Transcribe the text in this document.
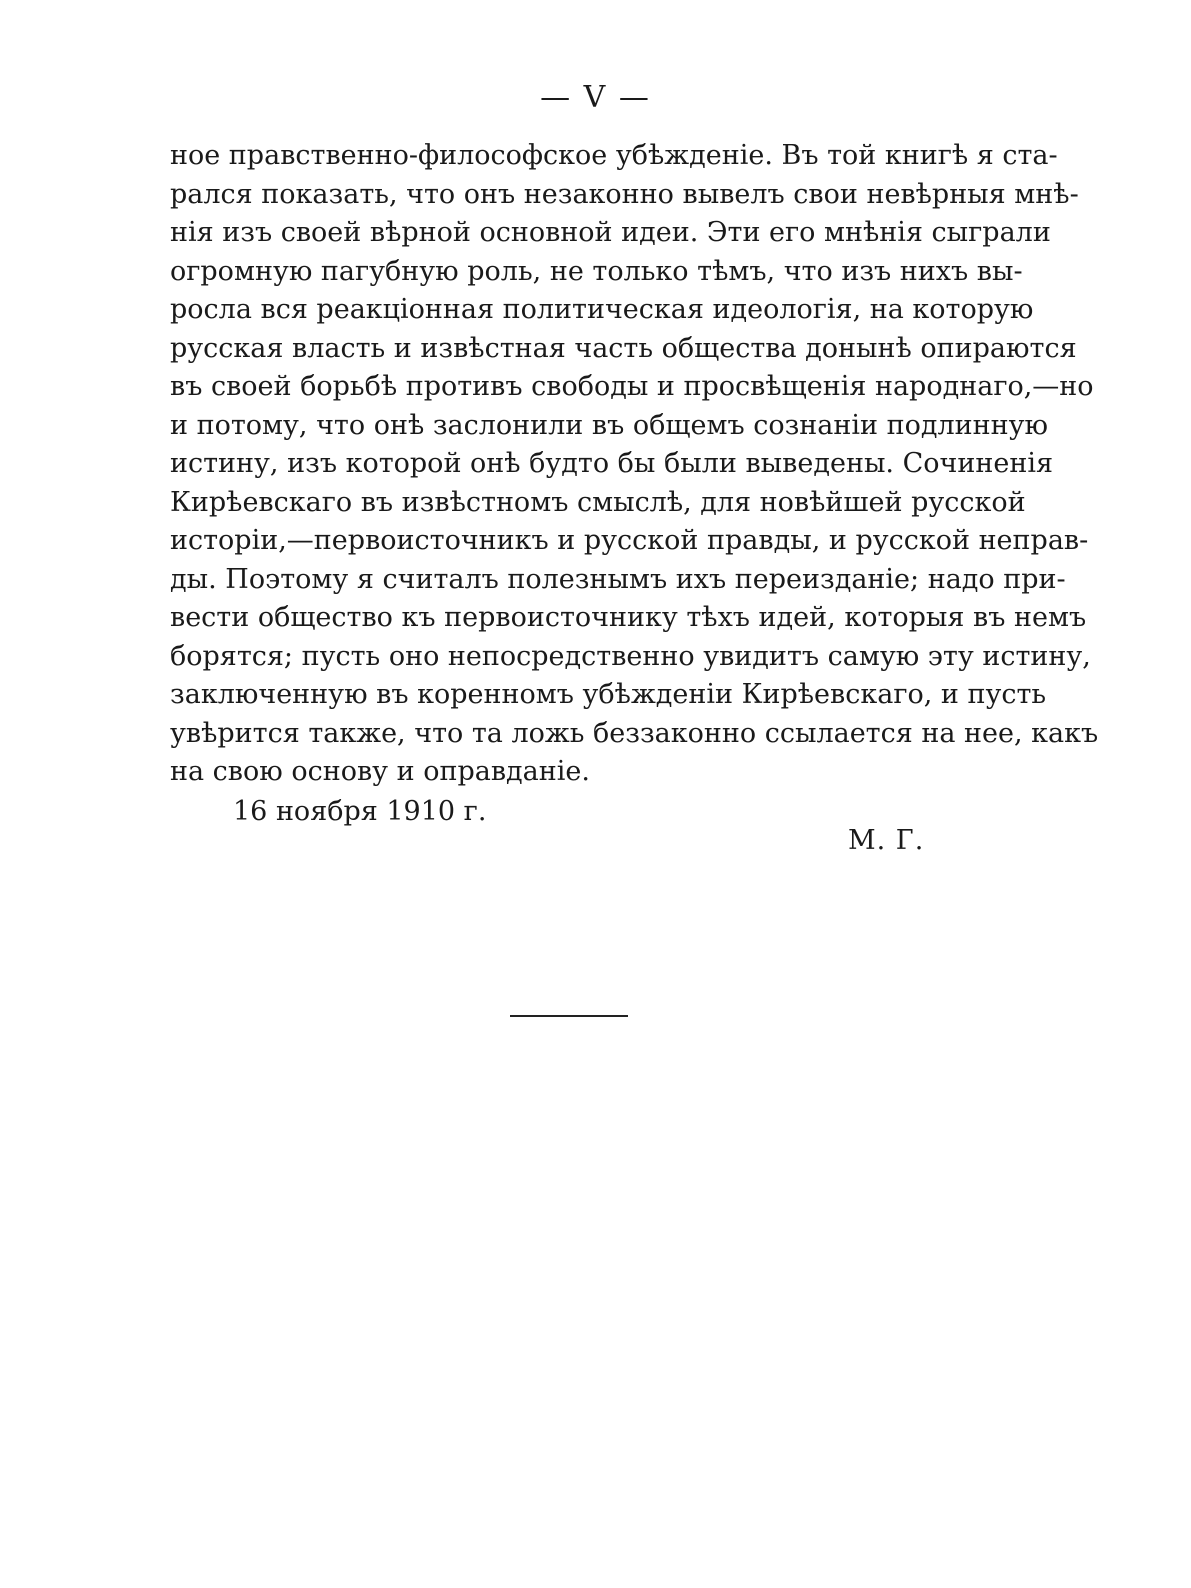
— V —
ное правственно-философское убѣжденіе. Въ той книгѣ я ста-
рался показать, что онъ незаконно вывелъ свои невѣрныя мнѣ-
нія изъ своей вѣрной основной идеи. Эти его мнѣнія сыграли
огромную пагубную роль, не только тѣмъ, что изъ нихъ вы-
росла вся реакціонная политическая идеологія, на которую
русская власть и извѣстная часть общества донынѣ опираются
въ своей борьбѣ противъ свободы и просвѣщенія народнаго,—но
и потому, что онѣ заслонили въ общемъ сознаніи подлинную
истину, изъ которой онѣ будто бы были выведены. Сочиненія
Кирѣевскаго въ извѣстномъ смыслѣ, для новѣйшей русской
исторіи,—первоисточникъ и русской правды, и русской неправ-
ды. Поэтому я считалъ полезнымъ ихъ переизданіе; надо при-
вести общество къ первоисточнику тѣхъ идей, которыя въ немъ
борятся; пусть оно непосредственно увидитъ самую эту истину,
заключенную въ коренномъ убѣжденіи Кирѣевскаго, и пусть
увѣрится также, что та ложь беззаконно ссылается на нее, какъ
на свою основу и оправданіе.
16 ноября 1910 г.
М. Г.
